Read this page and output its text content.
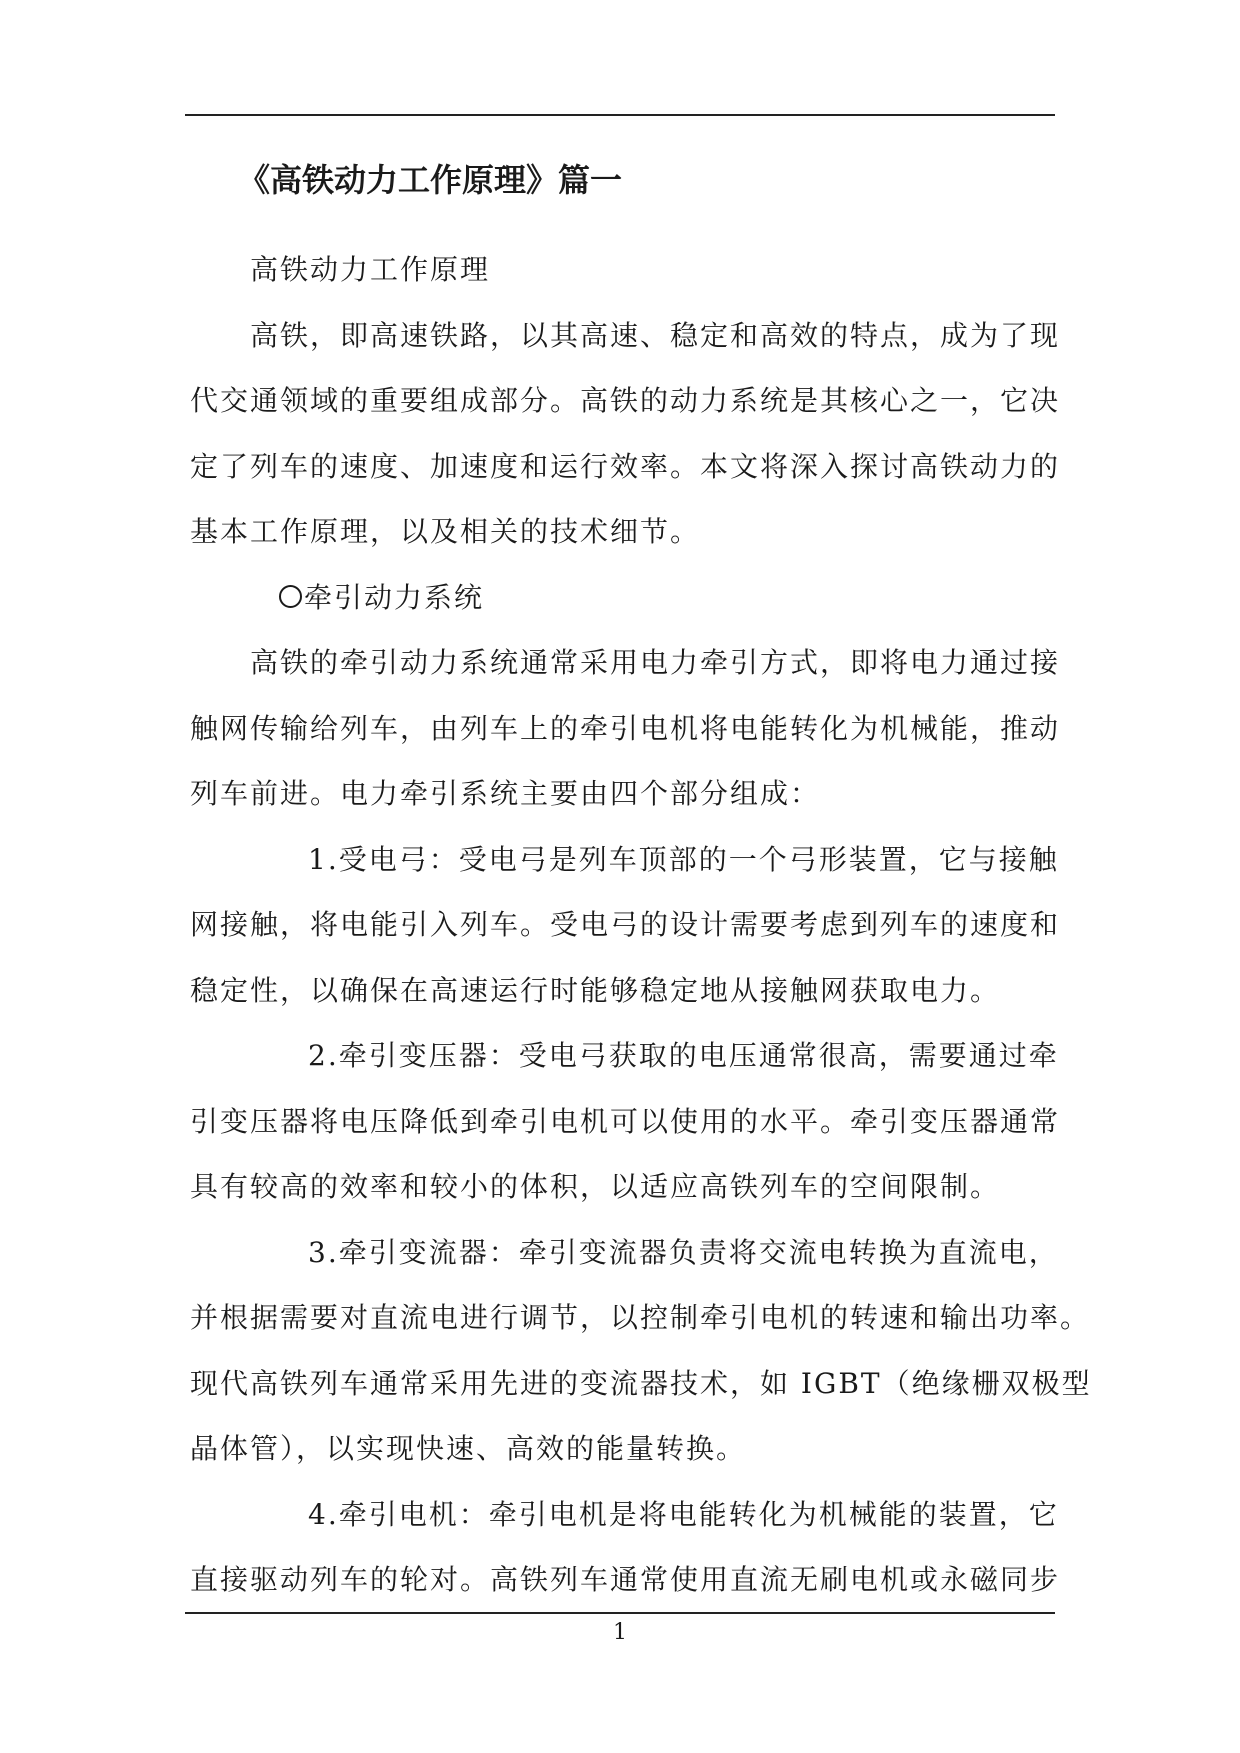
《高铁动力工作原理》篇一
高铁动力工作原理
高铁，即高速铁路，以其高速、稳定和高效的特点，成为了现
代交通领域的重要组成部分。高铁的动力系统是其核心之一，它决
定了列车的速度、加速度和运行效率。本文将深入探讨高铁动力的
基本工作原理，以及相关的技术细节。
牵引动力系统
高铁的牵引动力系统通常采用电力牵引方式，即将电力通过接
触网传输给列车，由列车上的牵引电机将电能转化为机械能，推动
列车前进。电力牵引系统主要由四个部分组成：
1.受电弓：受电弓是列车顶部的一个弓形装置，它与接触
网接触，将电能引入列车。受电弓的设计需要考虑到列车的速度和
稳定性，以确保在高速运行时能够稳定地从接触网获取电力。
2.牵引变压器：受电弓获取的电压通常很高，需要通过牵
引变压器将电压降低到牵引电机可以使用的水平。牵引变压器通常
具有较高的效率和较小的体积，以适应高铁列车的空间限制。
3.牵引变流器：牵引变流器负责将交流电转换为直流电，
并根据需要对直流电进行调节，以控制牵引电机的转速和输出功率。
现代高铁列车通常采用先进的变流器技术，如 IGBT（绝缘栅双极型
晶体管），以实现快速、高效的能量转换。
4.牵引电机：牵引电机是将电能转化为机械能的装置，它
直接驱动列车的轮对。高铁列车通常使用直流无刷电机或永磁同步
1
